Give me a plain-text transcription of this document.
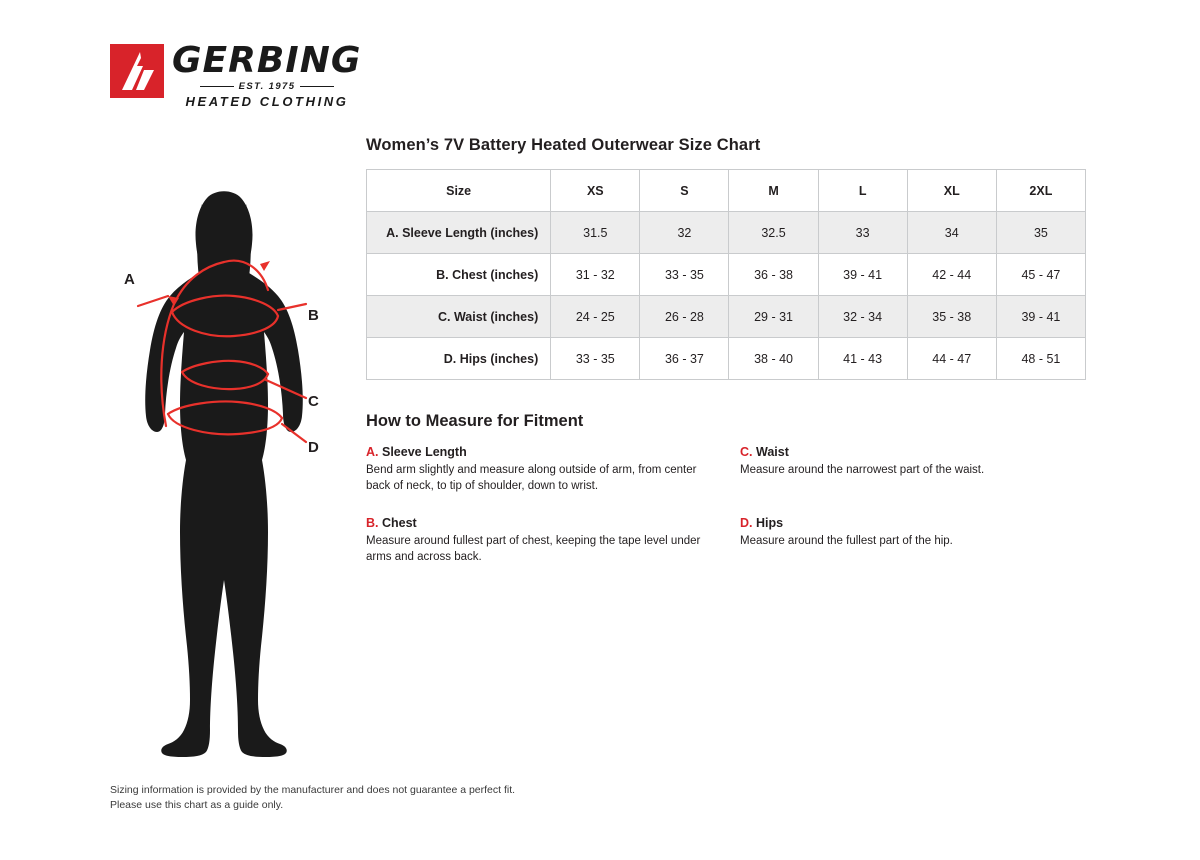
GERBING
EST. 1975
HEATED CLOTHING
A
B
C
D
Women’s 7V Battery Heated Outerwear Size Chart
Size	XS	S	M	L	XL	2XL
A. Sleeve Length (inches)	31.5	32	32.5	33	34	35
B. Chest (inches)	31 - 32	33 - 35	36 - 38	39 - 41	42 - 44	45 - 47
C. Waist (inches)	24 - 25	26 - 28	29 - 31	32 - 34	35 - 38	39 - 41
D. Hips (inches)	33 - 35	36 - 37	38 - 40	41 - 43	44 - 47	48 - 51
How to Measure for Fitment
A. Sleeve Length
Bend arm slightly and measure along outside of arm, from center back of neck, to tip of shoulder, down to wrist.
C. Waist
Measure around the narrowest part of the waist.
B. Chest
Measure around fullest part of chest, keeping the tape level under arms and across back.
D. Hips
Measure around the fullest part of the hip.
Sizing information is provided by the manufacturer and does not guarantee a perfect fit.
Please use this chart as a guide only.
